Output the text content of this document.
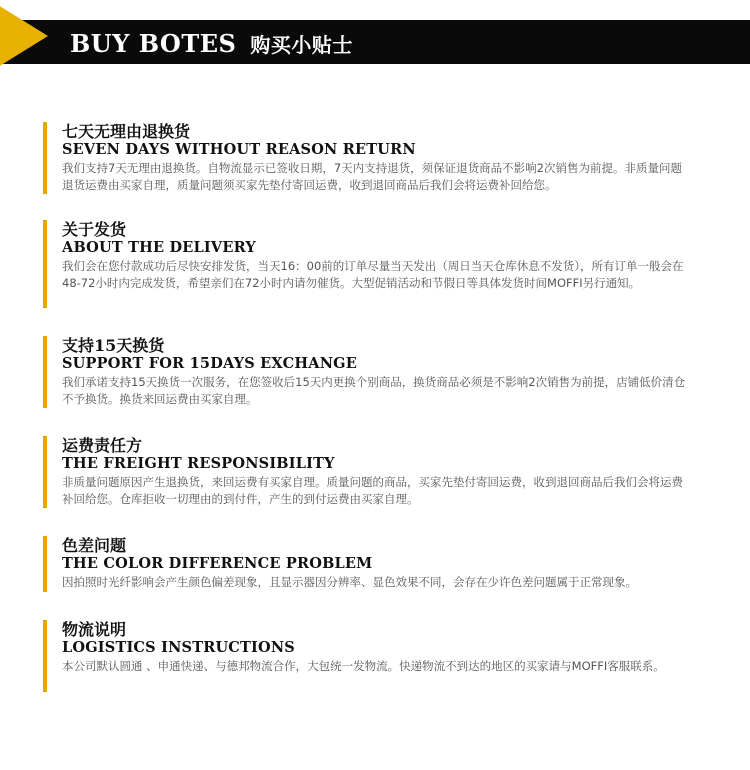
BUY BOTES 购买小贴士
七天无理由退换货
SEVEN DAYS WITHOUT REASON RETURN
我们支持7天无理由退换货。自物流显示已签收日期，7天内支持退货，须保证退货商品不影响2次销售为前提。非质量问题退货运费由买家自理，质量问题须买家先垫付寄回运费，收到退回商品后我们会将运费补回给您。
关于发货
ABOUT THE DELIVERY
我们会在您付款成功后尽快安排发货，当天16：00前的订单尽量当天发出（周日当天仓库休息不发货），所有订单一般会在48-72小时内完成发货，希望亲们在72小时内请勿催货。大型促销活动和节假日等具体发货时间MOFFI另行通知。
支持15天换货
SUPPORT FOR 15DAYS EXCHANGE
我们承诺支持15天换货一次服务，在您签收后15天内更换个别商品，换货商品必须是不影响2次销售为前提，店铺低价清仓不予换货。换货来回运费由买家自理。
运费责任方
THE FREIGHT RESPONSIBILITY
非质量问题原因产生退换货，来回运费有买家自理。质量问题的商品，买家先垫付寄回运费，收到退回商品后我们会将运费补回给您。仓库拒收一切理由的到付件，产生的到付运费由买家自理。
色差问题
THE COLOR DIFFERENCE PROBLEM
因拍照时光纤影响会产生颜色偏差现象，且显示器因分辨率、显色效果不同，会存在少许色差问题属于正常现象。
物流说明
LOGISTICS INSTRUCTIONS
本公司默认圆通 、申通快递、与德邦物流合作，大包统一发物流。快递物流不到达的地区的买家请与MOFFI客服联系。
